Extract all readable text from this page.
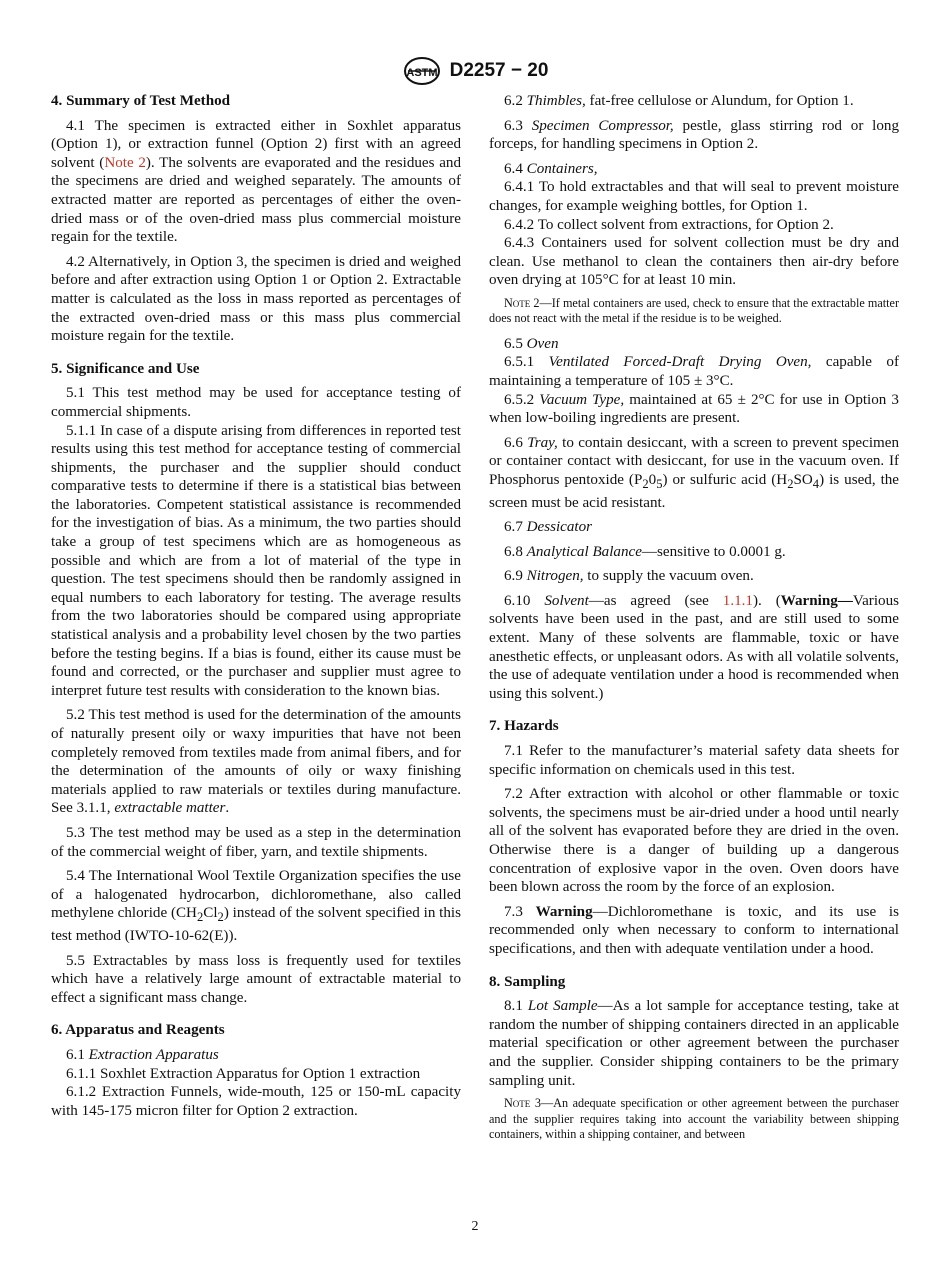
ASTM D2257 − 20
4. Summary of Test Method

4.1 The specimen is extracted either in Soxhlet apparatus (Option 1), or extraction funnel (Option 2) first with an agreed solvent (Note 2). The solvents are evaporated and the residues and the specimens are dried and weighed separately. The amounts of extracted matter are reported as percentages of either the oven-dried mass or of the oven-dried mass plus commercial moisture regain for the textile.

4.2 Alternatively, in Option 3, the specimen is dried and weighed before and after extraction using Option 1 or Option 2. Extractable matter is calculated as the loss in mass reported as percentages of the extracted oven-dried mass or this mass plus commercial moisture regain for the textile.

5. Significance and Use

5.1 This test method may be used for acceptance testing of commercial shipments.

5.1.1 In case of a dispute arising from differences in reported test results using this test method for acceptance testing of commercial shipments, the purchaser and the supplier should conduct comparative tests to determine if there is a statistical bias between the laboratories. Competent statistical assistance is recommended for the investigation of bias. As a minimum, the two parties should take a group of test specimens which are as homogeneous as possible and which are from a lot of material of the type in question. The test specimens should then be randomly assigned in equal numbers to each laboratory for testing. The average results from the two laboratories should be compared using appropriate statistical analysis and a probability level chosen by the two parties before the testing begins. If a bias is found, either its cause must be found and corrected, or the purchaser and supplier must agree to interpret future test results with consideration to the known bias.

5.2 This test method is used for the determination of the amounts of naturally present oily or waxy impurities that have not been completely removed from textiles made from animal fibers, and for the determination of the amounts of oily or waxy finishing materials applied to raw materials or textiles during manufacture. See 3.1.1, extractable matter.

5.3 The test method may be used as a step in the determination of the commercial weight of fiber, yarn, and textile shipments.

5.4 The International Wool Textile Organization specifies the use of a halogenated hydrocarbon, dichloromethane, also called methylene chloride $(CH_2Cl_2)$ instead of the solvent specified in this test method (IWTO-10-62(E)).

5.5 Extractables by mass loss is frequently used for textiles which have a relatively large amount of extractable material to effect a significant mass change.

6. Apparatus and Reagents

6.1 Extraction Apparatus

6.1.1 Soxhlet Extraction Apparatus for Option 1 extraction

6.1.2 Extraction Funnels, wide-mouth, 125 or 150-mL capacity with 145-175 micron filter for Option 2 extraction.

6.2 Thimbles, fat-free cellulose or Alundum, for Option 1.

6.3 Specimen Compressor, pestle, glass stirring rod or long forceps, for handling specimens in Option 2.

6.4 Containers,

6.4.1 To hold extractables and that will seal to prevent moisture changes, for example weighing bottles, for Option 1.

6.4.2 To collect solvent from extractions, for Option 2.

6.4.3 Containers used for solvent collection must be dry and clean. Use methanol to clean the containers then air-dry before oven drying at 105°C for at least 10 min.

Note 2—If metal containers are used, check to ensure that the extractable matter does not react with the metal if the residue is to be weighed.

6.5 Oven

6.5.1 Ventilated Forced-Draft Drying Oven, capable of maintaining a temperature of 105 ± 3°C.

6.5.2 Vacuum Type, maintained at 65 ± 2°C for use in Option 3 when low-boiling ingredients are present.

6.6 Tray, to contain desiccant, with a screen to prevent specimen or container contact with desiccant, for use in the vacuum oven. If Phosphorus pentoxide $(P_20_5)$ or sulfuric acid $(H_2SO_4)$ is used, the screen must be acid resistant.

6.7 Dessicator

6.8 Analytical Balance—sensitive to 0.0001 g.

6.9 Nitrogen, to supply the vacuum oven.

6.10 Solvent—as agreed (see 1.1.1). (Warning—Various solvents have been used in the past, and are still used to some extent. Many of these solvents are flammable, toxic or have anesthetic effects, or unpleasant odors. As with all volatile solvents, the use of adequate ventilation under a hood is recommended when using this solvent.)

7. Hazards

7.1 Refer to the manufacturer’s material safety data sheets for specific information on chemicals used in this test.

7.2 After extraction with alcohol or other flammable or toxic solvents, the specimens must be air-dried under a hood until nearly all of the solvent has evaporated before they are dried in the oven. Otherwise there is a danger of building up a dangerous concentration of explosive vapor in the oven. Oven doors have been blown across the room by the force of an explosion.

7.3 Warning—Dichloromethane is toxic, and its use is recommended only when necessary to conform to international specifications, and then with adequate ventilation under a hood.

8. Sampling

8.1 Lot Sample—As a lot sample for acceptance testing, take at random the number of shipping containers directed in an applicable material specification or other agreement between the purchaser and the supplier. Consider shipping containers to be the primary sampling unit.

Note 3—An adequate specification or other agreement between the purchaser and the supplier requires taking into account the variability between shipping containers, within a shipping container, and between
2
